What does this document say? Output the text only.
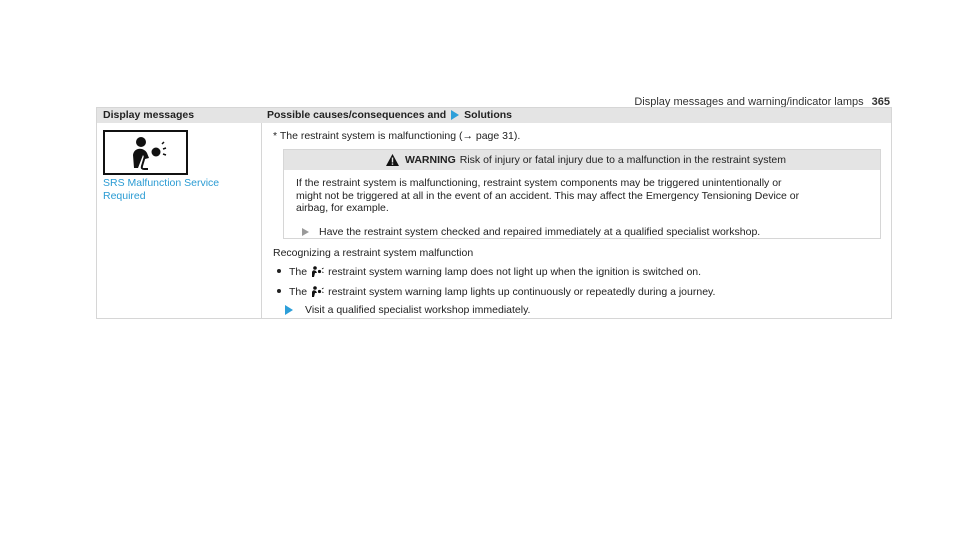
Display messages and warning/indicator lamps 365
Display messages	Possible causes/consequences and Solutions
SRS Malfunction Service
Required
* The restraint system is malfunctioning (→ page 31).
WARNING Risk of injury or fatal injury due to a malfunction in the restraint system
If the restraint system is malfunctioning, restraint system components may be triggered unintentionally or
might not be triggered at all in the event of an accident. This may affect the Emergency Tensioning Device or
airbag, for example.
Have the restraint system checked and repaired immediately at a qualified specialist workshop.
Recognizing a restraint system malfunction
The restraint system warning lamp does not light up when the ignition is switched on.
The restraint system warning lamp lights up continuously or repeatedly during a journey.
Visit a qualified specialist workshop immediately.
